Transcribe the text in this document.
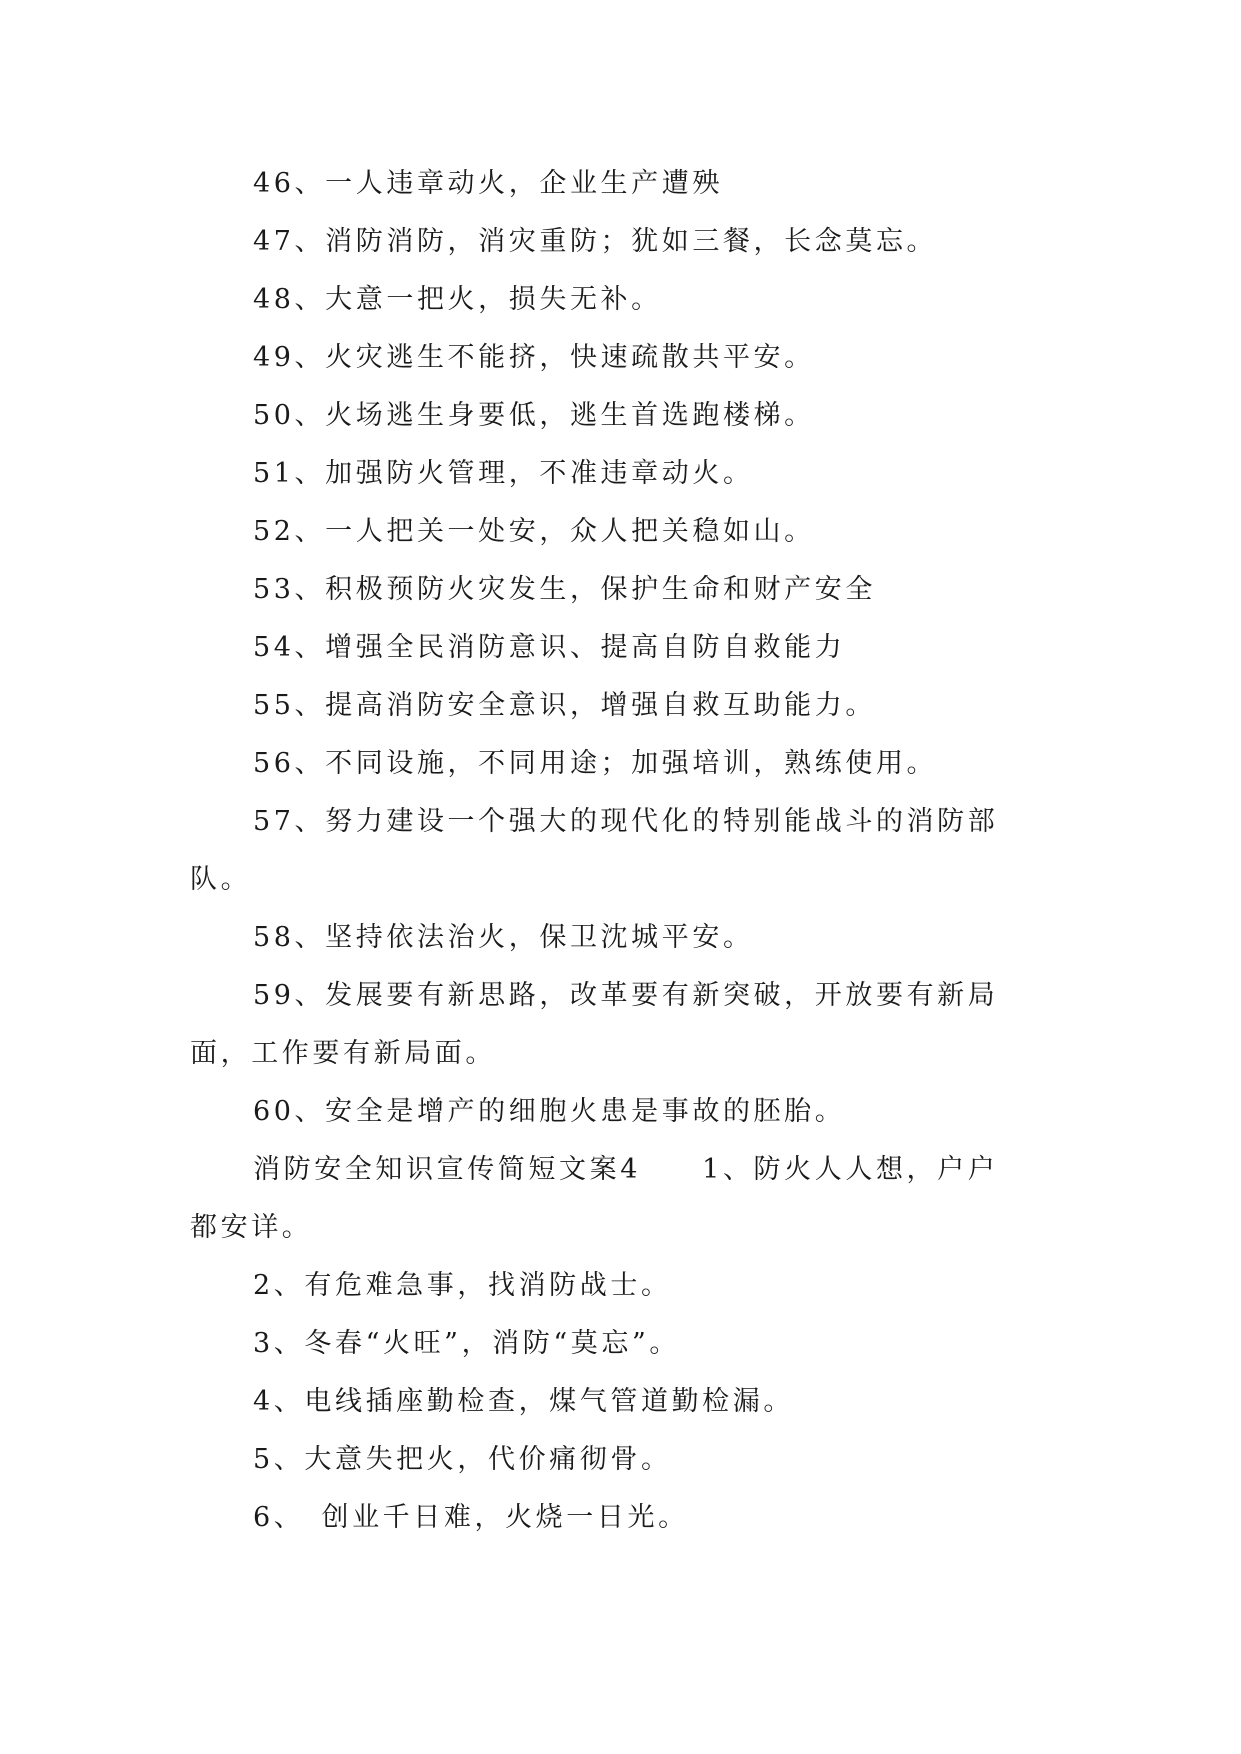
46、一人违章动火，企业生产遭殃
47、消防消防，消灾重防；犹如三餐，长念莫忘。
48、大意一把火，损失无补。
49、火灾逃生不能挤，快速疏散共平安。
50、火场逃生身要低，逃生首选跑楼梯。
51、加强防火管理，不准违章动火。
52、一人把关一处安，众人把关稳如山。
53、积极预防火灾发生，保护生命和财产安全
54、增强全民消防意识、提高自防自救能力
55、提高消防安全意识，增强自救互助能力。
56、不同设施，不同用途；加强培训，熟练使用。
57、努力建设一个强大的现代化的特别能战斗的消防部
队。
58、坚持依法治火，保卫沈城平安。
59、发展要有新思路，改革要有新突破，开放要有新局
面，工作要有新局面。
60、安全是增产的细胞火患是事故的胚胎。
消防安全知识宣传简短文案4　　1、防火人人想，户户
都安详。
2、有危难急事，找消防战士。
3、冬春“火旺”，消防“莫忘”。
4、电线插座勤检查，煤气管道勤检漏。
5、大意失把火，代价痛彻骨。
6、　创业千日难，火烧一日光。
